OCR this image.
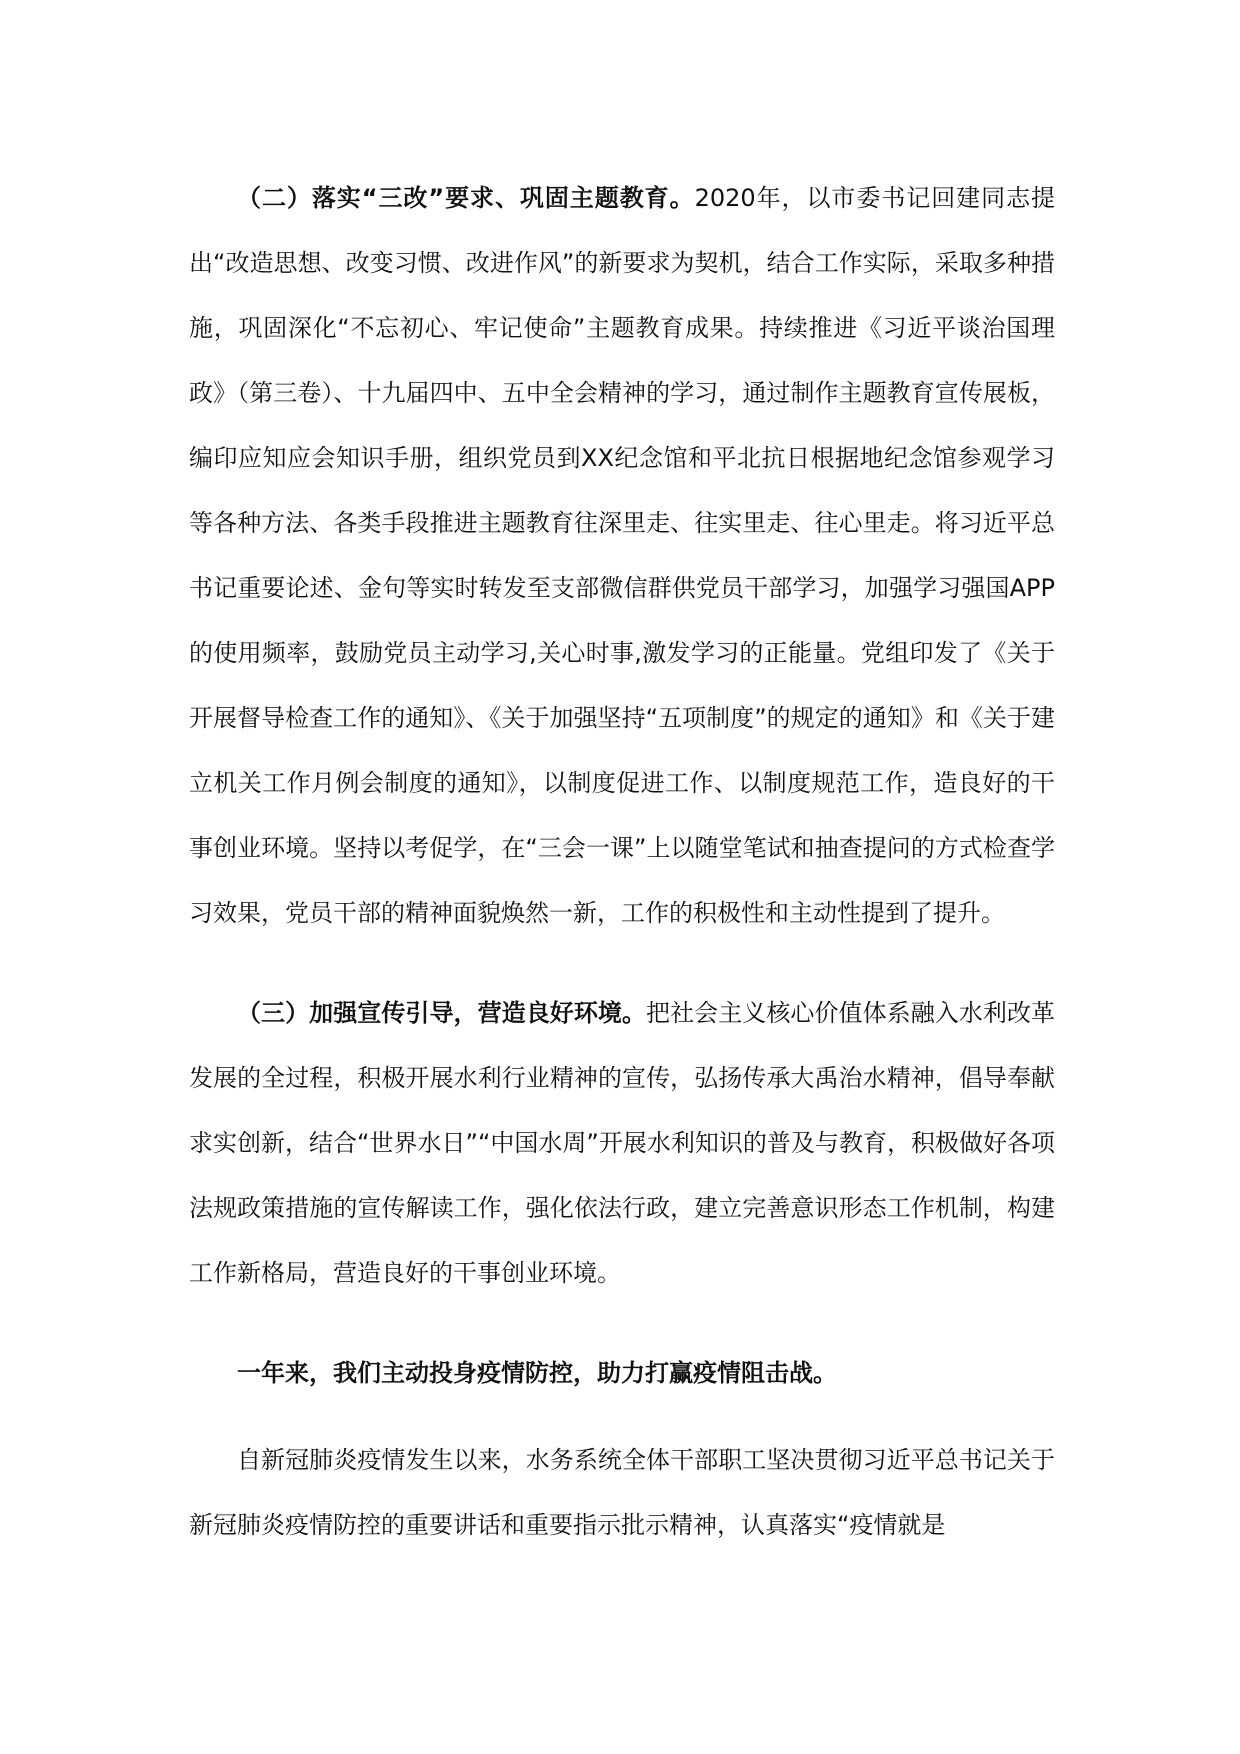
（二）落实“三改”要求、巩固主题教育。2020年，以市委书记回建同志提出“改造思想、改变习惯、改进作风”的新要求为契机，结合工作实际，采取多种措施，巩固深化“不忘初心、牢记使命”主题教育成果。持续推进《习近平谈治国理政》（第三卷）、十九届四中、五中全会精神的学习，通过制作主题教育宣传展板，编印应知应会知识手册，组织党员到XX纪念馆和平北抗日根据地纪念馆参观学习等各种方法、各类手段推进主题教育往深里走、往实里走、往心里走。将习近平总书记重要论述、金句等实时转发至支部微信群供党员干部学习，加强学习强国APP的使用频率，鼓励党员主动学习,关心时事,激发学习的正能量。党组印发了《关于开展督导检查工作的通知》、《关于加强坚持“五项制度”的规定的通知》和《关于建立机关工作月例会制度的通知》，以制度促进工作、以制度规范工作，造良好的干事创业环境。坚持以考促学，在“三会一课”上以随堂笔试和抽查提问的方式检查学习效果，党员干部的精神面貌焕然一新，工作的积极性和主动性提到了提升。

（三）加强宣传引导，营造良好环境。把社会主义核心价值体系融入水利改革发展的全过程，积极开展水利行业精神的宣传，弘扬传承大禹治水精神，倡导奉献求实创新，结合“世界水日”“中国水周”开展水利知识的普及与教育，积极做好各项法规政策措施的宣传解读工作，强化依法行政，建立完善意识形态工作机制，构建工作新格局，营造良好的干事创业环境。

一年来，我们主动投身疫情防控，助力打赢疫情阻击战。

自新冠肺炎疫情发生以来，水务系统全体干部职工坚决贯彻习近平总书记关于新冠肺炎疫情防控的重要讲话和重要指示批示精神，认真落实“疫情就是
